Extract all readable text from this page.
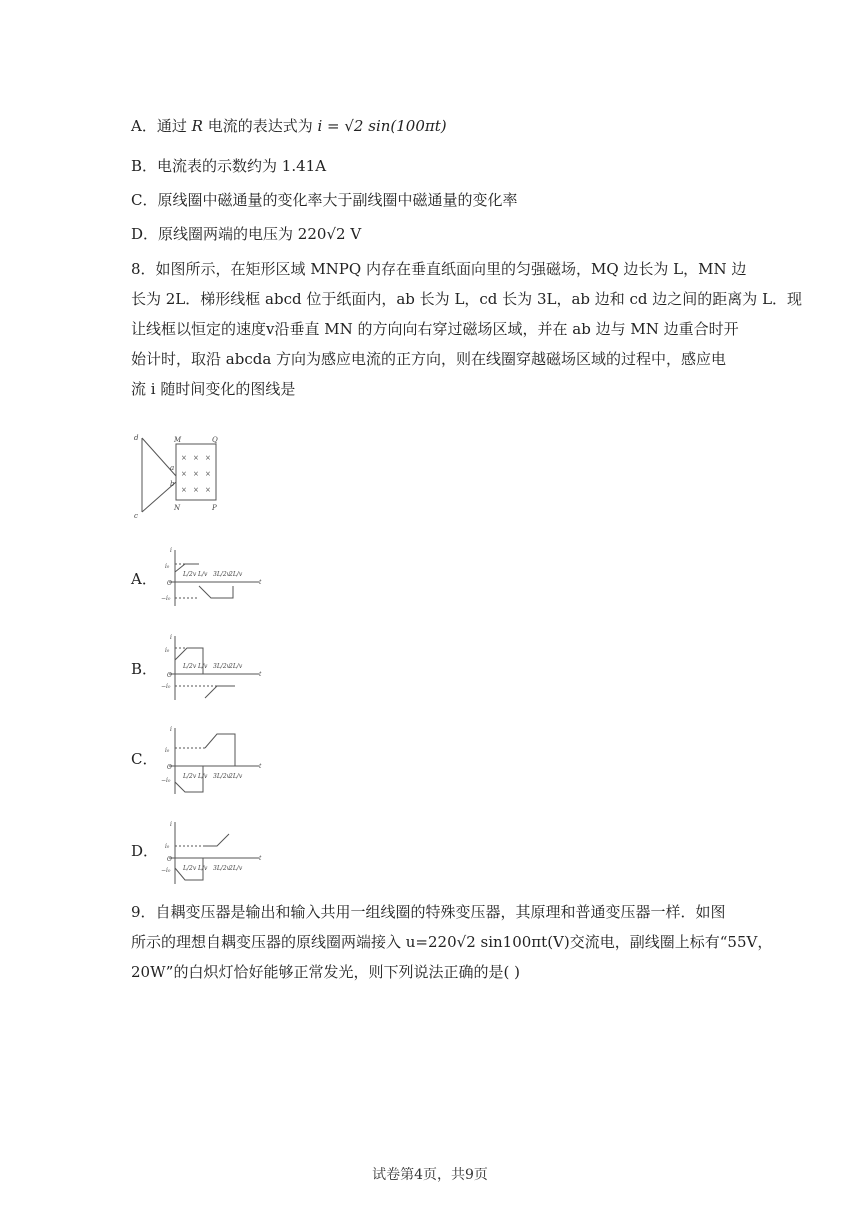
A．通过 R 电流的表达式为 i = √2 sin(100πt)
B．电流表的示数约为 1.41A
C．原线圈中磁通量的变化率大于副线圈中磁通量的变化率
D．原线圈两端的电压为 220√2 V
8．如图所示，在矩形区域 MNPQ 内存在垂直纸面向里的匀强磁场，MQ 边长为 L，MN 边
长为 2L．梯形线框 abcd 位于纸面内，ab 长为 L，cd 长为 3L，ab 边和 cd 边之间的距离为 L．现
让线框以恒定的速度v沿垂直 MN 的方向向右穿过磁场区域，并在 ab 边与 MN 边重合时开
始计时，取沿 abcda 方向为感应电流的正方向，则在线圈穿越磁场区域的过程中，感应电
流 i 随时间变化的图线是
d	M	Q
a
b
N	P
c
× × ×
× × ×
× × ×
A．
B．
C．
D．
i
t
i₀
−i₀
O
L/2v L/v 3L/2v
2L/v
i
t
i₀
−i₀
O
L/2v L/v 3L/2v
2L/v
i
t
i₀
−i₀
O
L/2v L/v 3L/2v
2L/v
i
t
i₀
−i₀
O
L/2v L/v 3L/2v
2L/v
9．自耦变压器是输出和输入共用一组线圈的特殊变压器，其原理和普通变压器一样．如图
所示的理想自耦变压器的原线圈两端接入 u=220√2 sin100πt(V)交流电，副线圈上标有“55V，
20W”的白炽灯恰好能够正常发光，则下列说法正确的是( )
试卷第4页，共9页
